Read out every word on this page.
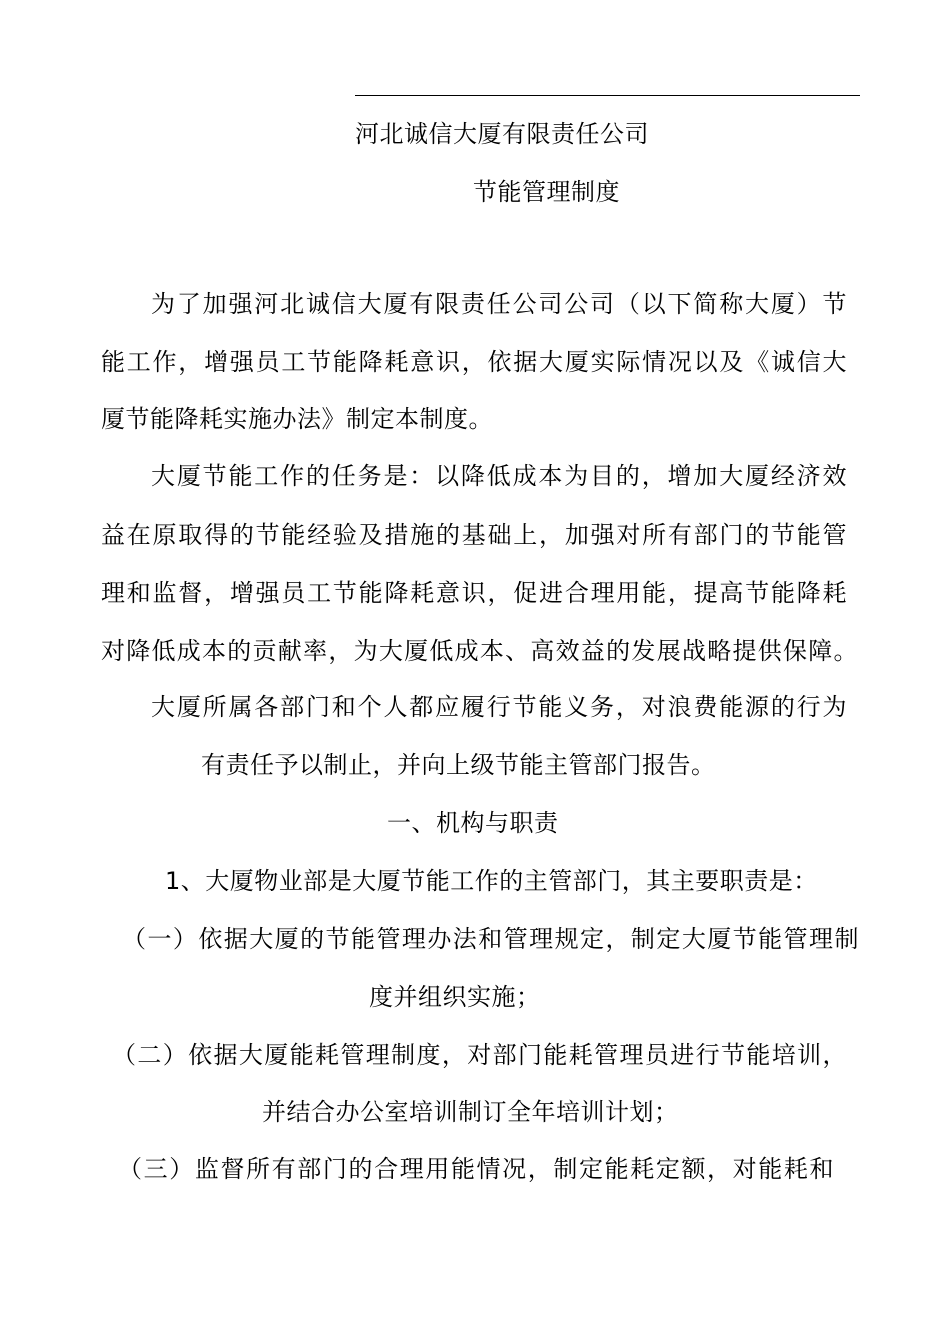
河北诚信大厦有限责任公司
节能管理制度
为了加强河北诚信大厦有限责任公司公司（以下简称大厦）节
能工作，增强员工节能降耗意识，依据大厦实际情况以及《诚信大
厦节能降耗实施办法》制定本制度。
大厦节能工作的任务是：以降低成本为目的，增加大厦经济效
益在原取得的节能经验及措施的基础上，加强对所有部门的节能管
理和监督，增强员工节能降耗意识，促进合理用能，提高节能降耗
对降低成本的贡献率，为大厦低成本、高效益的发展战略提供保障。
大厦所属各部门和个人都应履行节能义务，对浪费能源的行为
有责任予以制止，并向上级节能主管部门报告。
一、机构与职责
1、大厦物业部是大厦节能工作的主管部门，其主要职责是：
（一）依据大厦的节能管理办法和管理规定，制定大厦节能管理制
度并组织实施；
（二）依据大厦能耗管理制度，对部门能耗管理员进行节能培训，
并结合办公室培训制订全年培训计划；
（三）监督所有部门的合理用能情况，制定能耗定额，对能耗和
